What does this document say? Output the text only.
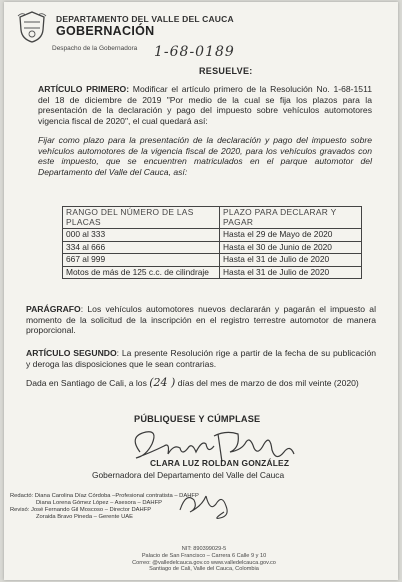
DEPARTAMENTO DEL VALLE DEL CAUCA
GOBERNACIÓN
Despacho de la Gobernadora 1-68-0189
RESUELVE:
ARTÍCULO PRIMERO: Modificar el artículo primero de la Resolución No. 1-68-1511 del 18 de diciembre de 2019 "Por medio de la cual se fija los plazos para la presentación de la declaración y pago del impuesto sobre vehículos automotores vigencia fiscal de 2020", el cual quedará así:
Fijar como plazo para la presentación de la declaración y pago del impuesto sobre vehículos automotores de la vigencia fiscal de 2020, para los vehículos gravados con este impuesto, que se encuentren matriculados en el parque automotor del Departamento del Valle del Cauca, así:
RANGO DEL NÚMERO DE LAS PLACAS	PLAZO PARA DECLARAR Y PAGAR
000 al 333	Hasta el 29 de Mayo de 2020
334 al 666	Hasta el 30 de Junio de 2020
667 al 999	Hasta el 31 de Julio de 2020
Motos de más de 125 c.c. de cilindraje	Hasta el 31 de Julio de 2020
PARÁGRAFO: Los vehículos automotores nuevos declararán y pagarán el impuesto al momento de la solicitud de la inscripción en el registro terrestre automotor de manera proporcional.
ARTÍCULO SEGUNDO: La presente Resolución rige a partir de la fecha de su publicación y deroga las disposiciones que le sean contrarias.
Dada en Santiago de Cali, a los (24 ) días del mes de marzo de dos mil veinte (2020)
PÚBLIQUESE Y CÚMPLASE
CLARA LUZ ROLDAN GONZÁLEZ
Gobernadora del Departamento del Valle del Cauca
Redactó: Diana Carolina Díaz Córdoba –Profesional contratista – DAHFP
Diana Lorena Gómez López – Asesora – DAHFP
Revisó: José Fernando Gil Moscoso – Director DAHFP
Zoraida Bravo Pineda – Gerente UAE
NIT: 890399029-5
Palacio de San Francisco – Carrera 6 Calle 9 y 10
Correo: @valledelcauca.gov.co www.valledelcauca.gov.co
Santiago de Cali, Valle del Cauca, Colombia
